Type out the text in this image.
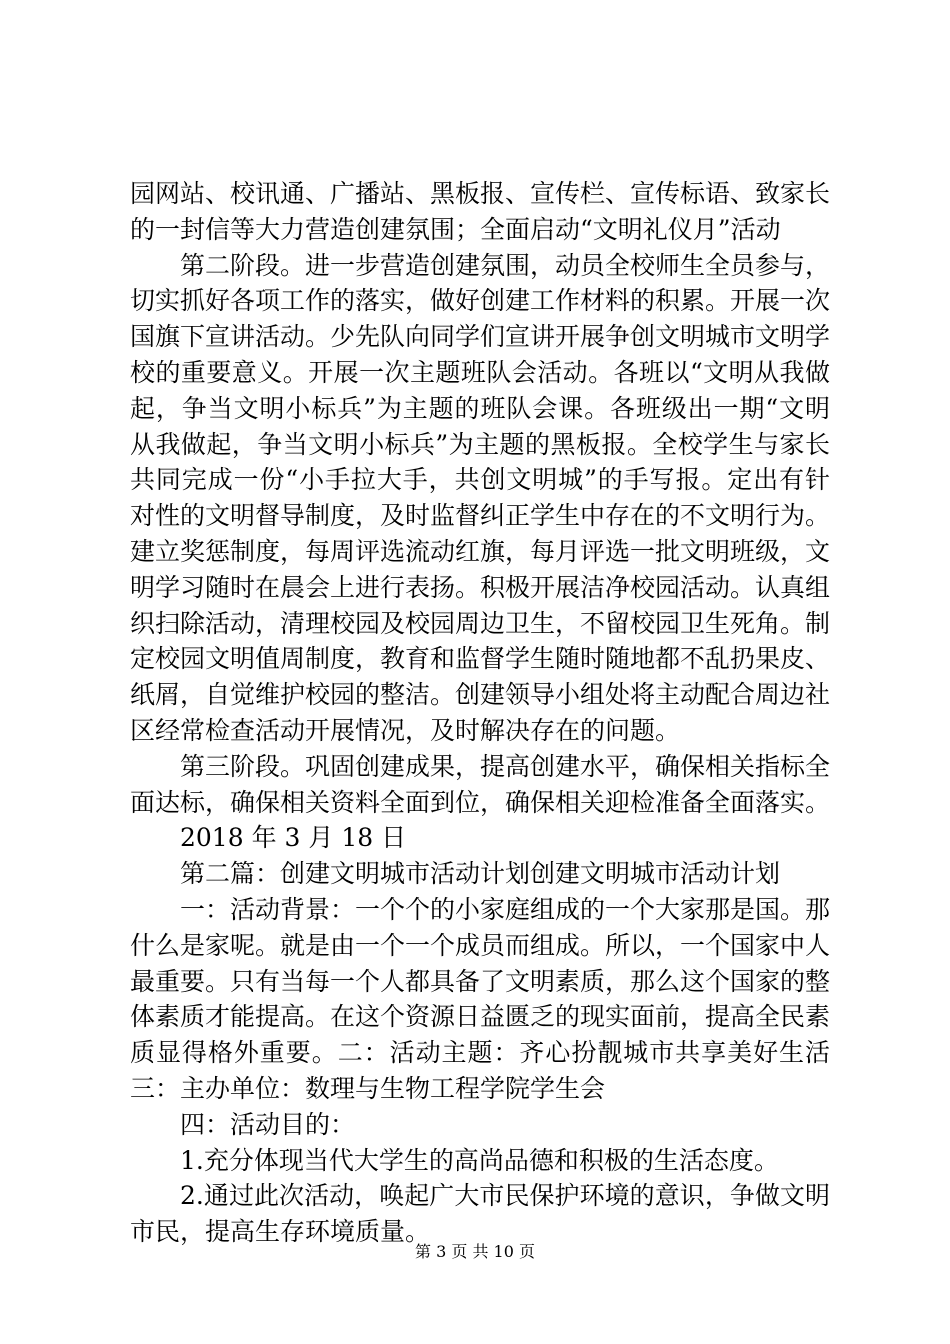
园网站、校讯通、广播站、黑板报、宣传栏、宣传标语、致家长的一封信等大力营造创建氛围；全面启动“文明礼仪月”活动

第二阶段。进一步营造创建氛围，动员全校师生全员参与，切实抓好各项工作的落实，做好创建工作材料的积累。开展一次国旗下宣讲活动。少先队向同学们宣讲开展争创文明城市文明学校的重要意义。开展一次主题班队会活动。各班以“文明从我做起，争当文明小标兵”为主题的班队会课。各班级出一期“文明从我做起，争当文明小标兵”为主题的黑板报。全校学生与家长共同完成一份“小手拉大手，共创文明城”的手写报。定出有针对性的文明督导制度，及时监督纠正学生中存在的不文明行为。建立奖惩制度，每周评选流动红旗，每月评选一批文明班级，文明学习随时在晨会上进行表扬。积极开展洁净校园活动。认真组织扫除活动，清理校园及校园周边卫生，不留校园卫生死角。制定校园文明值周制度，教育和监督学生随时随地都不乱扔果皮、纸屑，自觉维护校园的整洁。创建领导小组处将主动配合周边社区经常检查活动开展情况，及时解决存在的问题。

第三阶段。巩固创建成果，提高创建水平，确保相关指标全面达标，确保相关资料全面到位，确保相关迎检准备全面落实。

2018 年 3 月 18 日

第二篇：创建文明城市活动计划创建文明城市活动计划

一：活动背景：一个个的小家庭组成的一个大家那是国。那什么是家呢。就是由一个一个成员而组成。所以，一个国家中人最重要。只有当每一个人都具备了文明素质，那么这个国家的整体素质才能提高。在这个资源日益匮乏的现实面前，提高全民素质显得格外重要。二：活动主题：齐心扮靓城市共享美好生活三：主办单位：数理与生物工程学院学生会

四：活动目的：

1.充分体现当代大学生的高尚品德和积极的生活态度。

2.通过此次活动，唤起广大市民保护环境的意识，争做文明市民，提高生存环境质量。

第 3 页 共 10 页
